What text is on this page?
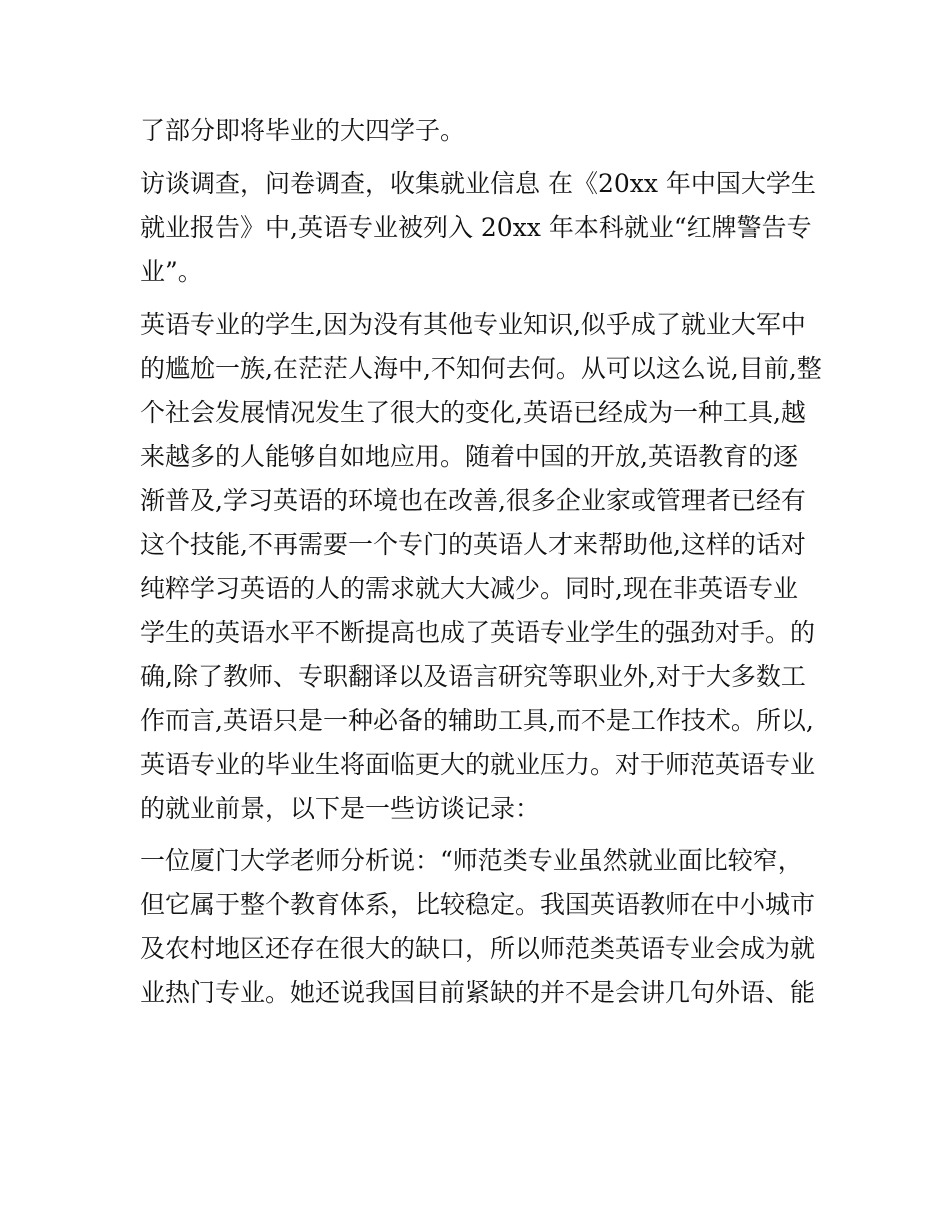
了部分即将毕业的大四学子。
访谈调查，问卷调查，收集就业信息 在《20xx 年中国大学生
就业报告》中,英语专业被列入 20xx 年本科就业“红牌警告专
业”。
英语专业的学生,因为没有其他专业知识,似乎成了就业大军中
的尴尬一族,在茫茫人海中,不知何去何。从可以这么说,目前,整
个社会发展情况发生了很大的变化,英语已经成为一种工具,越
来越多的人能够自如地应用。随着中国的开放,英语教育的逐
渐普及,学习英语的环境也在改善,很多企业家或管理者已经有
这个技能,不再需要一个专门的英语人才来帮助他,这样的话对
纯粹学习英语的人的需求就大大减少。同时,现在非英语专业
学生的英语水平不断提高也成了英语专业学生的强劲对手。的
确,除了教师、专职翻译以及语言研究等职业外,对于大多数工
作而言,英语只是一种必备的辅助工具,而不是工作技术。所以,
英语专业的毕业生将面临更大的就业压力。对于师范英语专业
的就业前景，以下是一些访谈记录：
一位厦门大学老师分析说：“师范类专业虽然就业面比较窄，
但它属于整个教育体系，比较稳定。我国英语教师在中小城市
及农村地区还存在很大的缺口，所以师范类英语专业会成为就
业热门专业。她还说我国目前紧缺的并不是会讲几句外语、能
